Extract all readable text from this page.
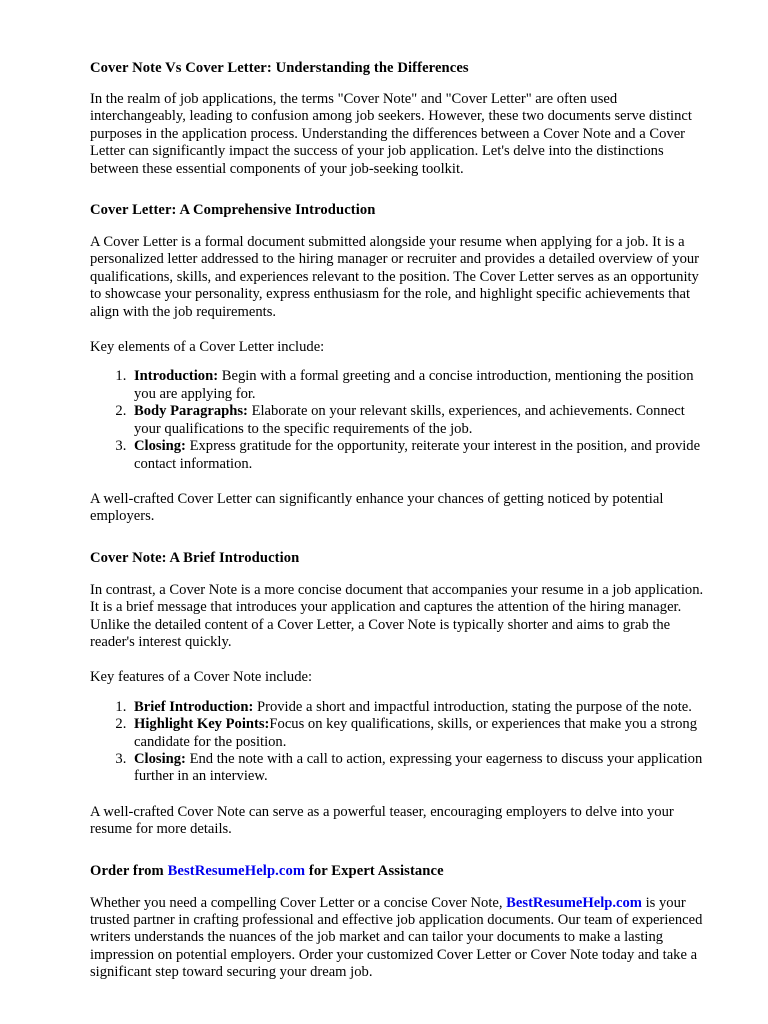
Cover Note Vs Cover Letter: Understanding the Differences

In the realm of job applications, the terms "Cover Note" and "Cover Letter" are often used interchangeably, leading to confusion among job seekers. However, these two documents serve distinct purposes in the application process. Understanding the differences between a Cover Note and a Cover Letter can significantly impact the success of your job application. Let's delve into the distinctions between these essential components of your job-seeking toolkit.

Cover Letter: A Comprehensive Introduction

A Cover Letter is a formal document submitted alongside your resume when applying for a job. It is a personalized letter addressed to the hiring manager or recruiter and provides a detailed overview of your qualifications, skills, and experiences relevant to the position. The Cover Letter serves as an opportunity to showcase your personality, express enthusiasm for the role, and highlight specific achievements that align with the job requirements.

Key elements of a Cover Letter include:

1. Introduction: Begin with a formal greeting and a concise introduction, mentioning the position you are applying for.
2. Body Paragraphs: Elaborate on your relevant skills, experiences, and achievements. Connect your qualifications to the specific requirements of the job.
3. Closing: Express gratitude for the opportunity, reiterate your interest in the position, and provide contact information.

A well-crafted Cover Letter can significantly enhance your chances of getting noticed by potential employers.

Cover Note: A Brief Introduction

In contrast, a Cover Note is a more concise document that accompanies your resume in a job application. It is a brief message that introduces your application and captures the attention of the hiring manager. Unlike the detailed content of a Cover Letter, a Cover Note is typically shorter and aims to grab the reader's interest quickly.

Key features of a Cover Note include:

1. Brief Introduction: Provide a short and impactful introduction, stating the purpose of the note.
2. Highlight Key Points:Focus on key qualifications, skills, or experiences that make you a strong candidate for the position.
3. Closing: End the note with a call to action, expressing your eagerness to discuss your application further in an interview.

A well-crafted Cover Note can serve as a powerful teaser, encouraging employers to delve into your resume for more details.

Order from BestResumeHelp.com for Expert Assistance

Whether you need a compelling Cover Letter or a concise Cover Note, BestResumeHelp.com is your trusted partner in crafting professional and effective job application documents. Our team of experienced writers understands the nuances of the job market and can tailor your documents to make a lasting impression on potential employers. Order your customized Cover Letter or Cover Note today and take a significant step toward securing your dream job.
